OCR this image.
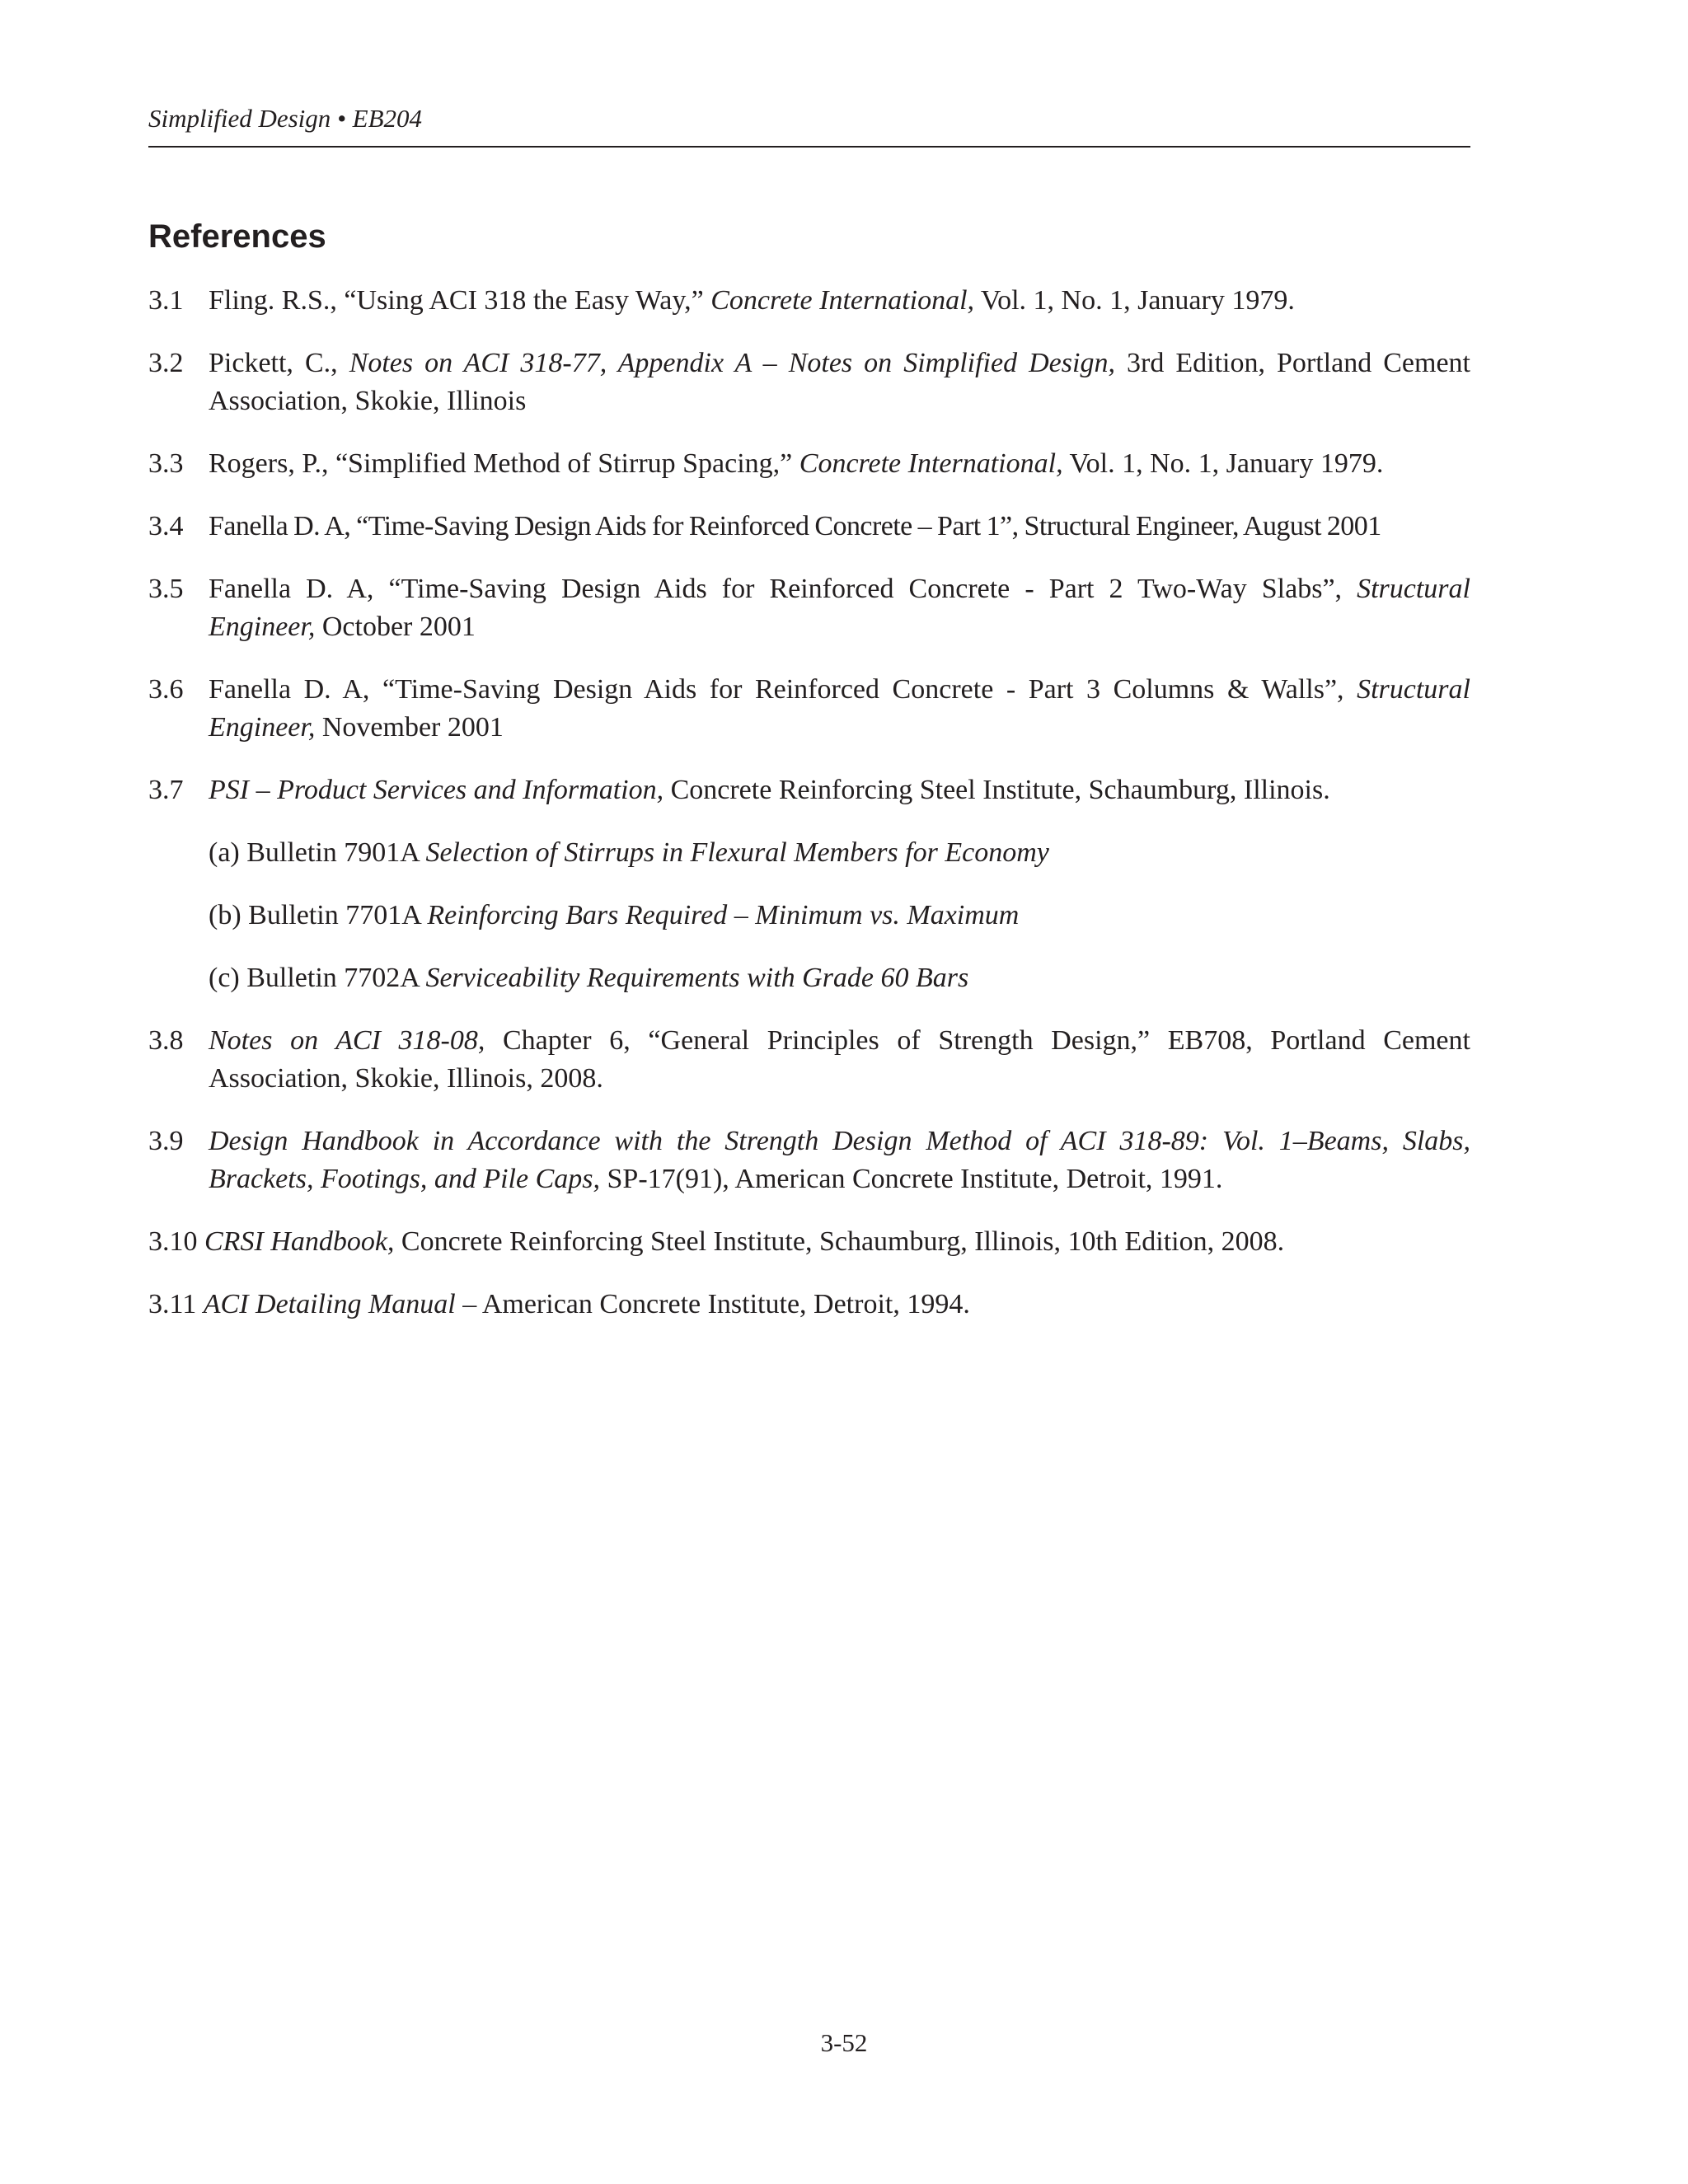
Simplified Design • EB204
References
3.1 Fling. R.S., “Using ACI 318 the Easy Way,” Concrete International, Vol. 1, No. 1, January 1979.
3.2 Pickett, C., Notes on ACI 318-77, Appendix A – Notes on Simplified Design, 3rd Edition, Portland Cement Association, Skokie, Illinois
3.3 Rogers, P., “Simplified Method of Stirrup Spacing,” Concrete International, Vol. 1, No. 1, January 1979.
3.4 Fanella D. A, “Time-Saving Design Aids for Reinforced Concrete – Part 1”, Structural Engineer, August 2001
3.5 Fanella D. A, “Time-Saving Design Aids for Reinforced Concrete - Part 2 Two-Way Slabs”, Structural Engineer, October 2001
3.6 Fanella D. A, “Time-Saving Design Aids for Reinforced Concrete - Part 3 Columns & Walls”, Structural Engineer, November 2001
3.7 PSI – Product Services and Information, Concrete Reinforcing Steel Institute, Schaumburg, Illinois.
(a) Bulletin 7901A Selection of Stirrups in Flexural Members for Economy
(b) Bulletin 7701A Reinforcing Bars Required – Minimum vs. Maximum
(c) Bulletin 7702A Serviceability Requirements with Grade 60 Bars
3.8 Notes on ACI 318-08, Chapter 6, “General Principles of Strength Design,” EB708, Portland Cement Association, Skokie, Illinois, 2008.
3.9 Design Handbook in Accordance with the Strength Design Method of ACI 318-89: Vol. 1–Beams, Slabs, Brackets, Footings, and Pile Caps, SP-17(91), American Concrete Institute, Detroit, 1991.
3.10 CRSI Handbook, Concrete Reinforcing Steel Institute, Schaumburg, Illinois, 10th Edition, 2008.
3.11 ACI Detailing Manual – American Concrete Institute, Detroit, 1994.
3-52
